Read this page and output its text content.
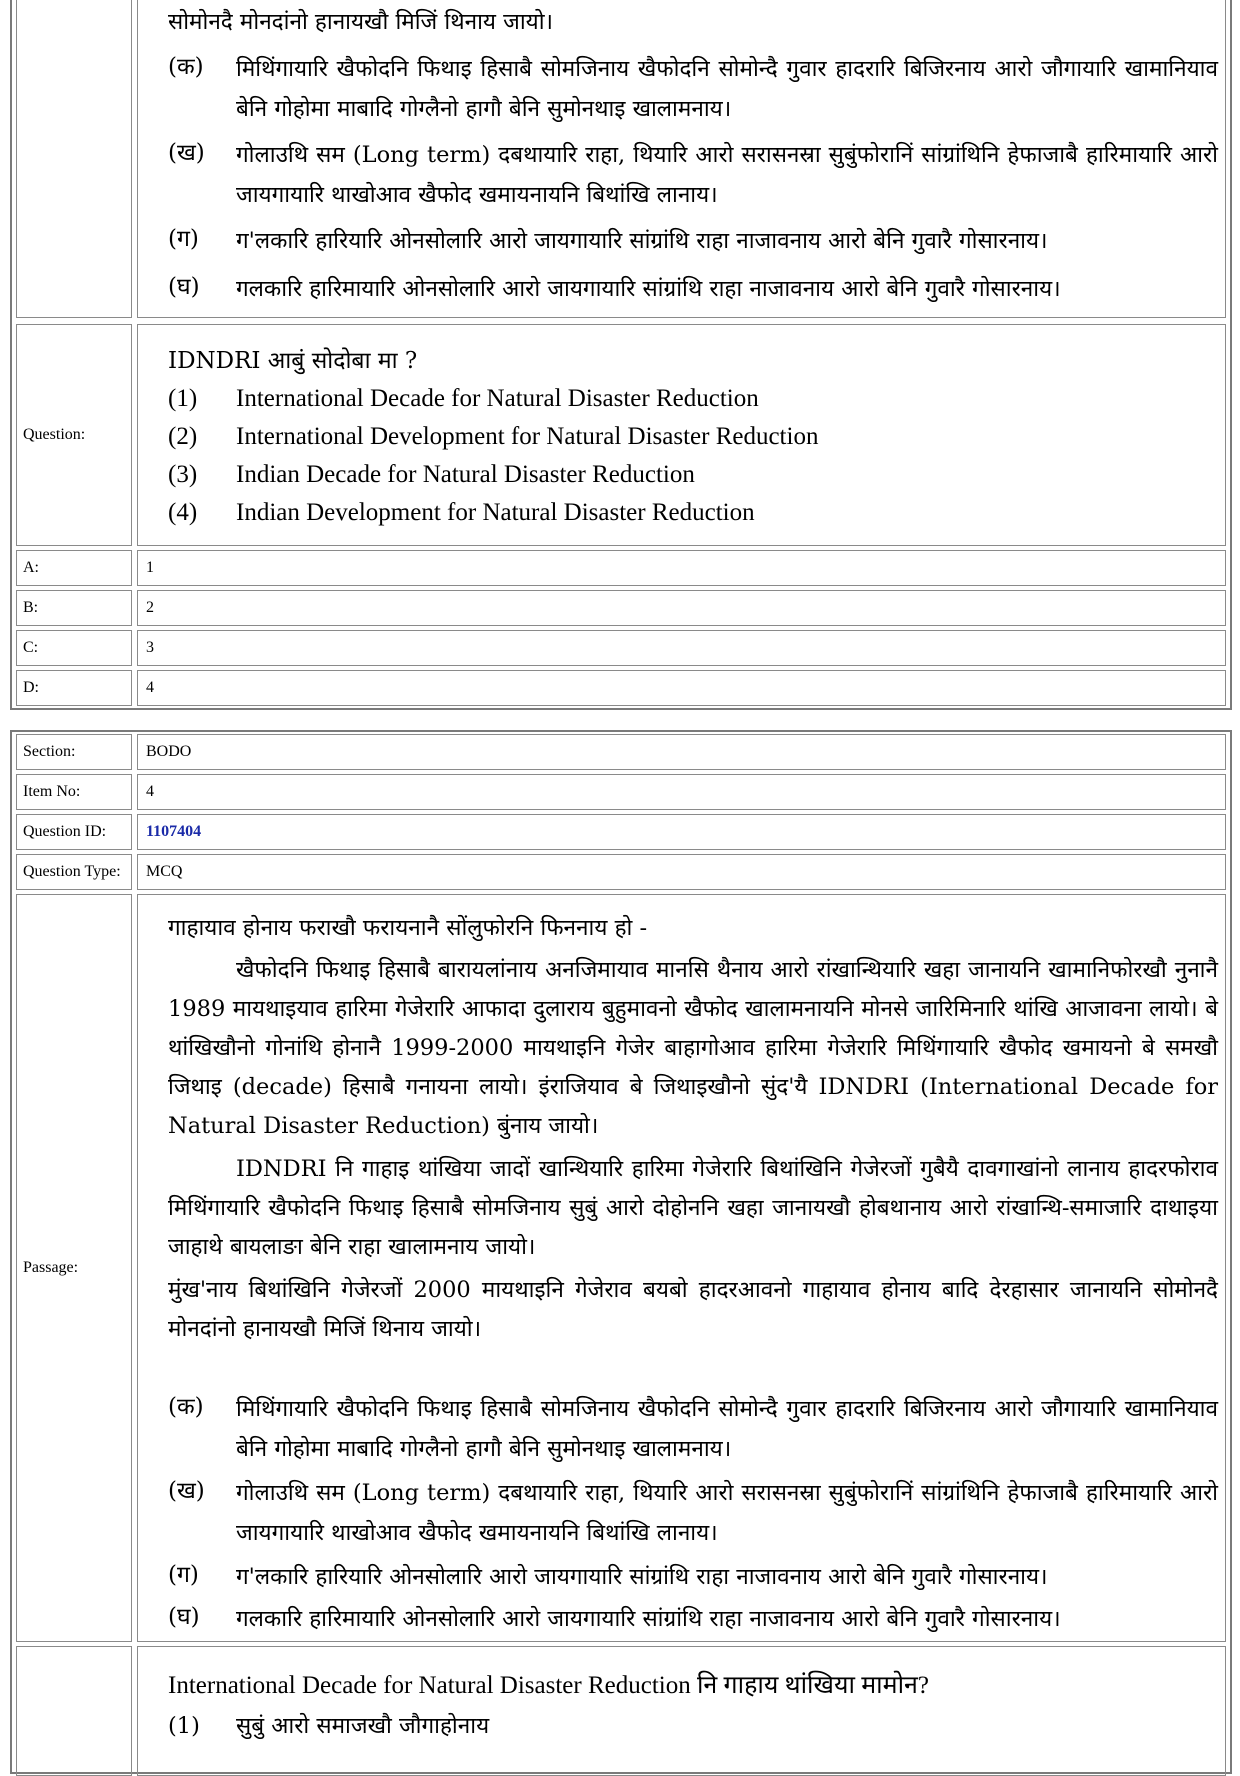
सोमोनदै मोनदांनो हानायखौ मिजिं थिनाय जायो।
(क) मिथिंगायारि खैफोदनि फिथाइ हिसाबै सोमजिनाय खैफोदनि सोमोन्दै गुवार हादरारि बिजिरनाय आरो जौगायारि खामानियाव बेनि गोहोमा माबादि गोग्लैनो हागौ बेनि सुमोनथाइ खालामनाय।
(ख) गोलाउथि सम (Long term) दबथायारि राहा, थियारि आरो सरासनस्रा सुबुंफोरानिं सांग्रांथिनि हेफाजाबै हारिमायारि आरो जायगायारि थाखोआव खैफोद खमायनायनि बिथांखि लानाय।
(ग) ग'लकारि हारियारि ओनसोलारि आरो जायगायारि सांग्रांथि राहा नाजावनाय आरो बेनि गुवारै गोसारनाय।
(घ) गलकारि हारिमायारि ओनसोलारि आरो जायगायारि सांग्रांथि राहा नाजावनाय आरो बेनि गुवारै गोसारनाय।
Question:
IDNDRI आबुं सोदोबा मा ?
(1) International Decade for Natural Disaster Reduction
(2) International Development for Natural Disaster Reduction
(3) Indian Decade for Natural Disaster Reduction
(4) Indian Development for Natural Disaster Reduction
A:	1
B:	2
C:	3
D:	4
Section:	BODO
Item No:	4
Question ID:	1107404
Question Type:	MCQ
Passage:
गाहायाव होनाय फराखौ फरायनानै सोंलुफोरनि फिननाय हो -

खैफोदनि फिथाइ हिसाबै बारायलांनाय अनजिमायाव मानसि थैनाय आरो रांखान्थियारि खहा जानायनि खामानिफोरखौ नुनानै 1989 मायथाइयाव हारिमा गेजेरारि आफादा दुलाराय बुहुमावनो खैफोद खालामनायनि मोनसे जारिमिनारि थांखि आजावना लायो। बे थांखिखौनो गोनांथि होनानै 1999-2000 मायथाइनि गेजेर बाहागोआव हारिमा गेजेरारि मिथिंगायारि खैफोद खमायनो बे समखौ जिथाइ (decade) हिसाबै गनायना लायो। इंराजियाव बे जिथाइखौनो सुंद'यै IDNDRI (International Decade for Natural Disaster Reduction) बुंनाय जायो।

IDNDRI नि गाहाइ थांखिया जादों खान्थियारि हारिमा गेजेरारि बिथांखिनि गेजेरजों गुबैयै दावगाखांनो लानाय हादरफोराव मिथिंगायारि खैफोदनि फिथाइ हिसाबै सोमजिनाय सुबुं आरो दोहोननि खहा जानायखौ होबथानाय आरो रांखान्थि-समाजारि दाथाइया जाहाथे बायलाङा बेनि राहा खालामनाय जायो।

मुंख'नाय बिथांखिनि गेजेरजों 2000 मायथाइनि गेजेराव बयबो हादरआवनो गाहायाव होनाय बादि देरहासार जानायनि सोमोनदै मोनदांनो हानायखौ मिजिं थिनाय जायो।

(क) मिथिंगायारि खैफोदनि फिथाइ हिसाबै सोमजिनाय खैफोदनि सोमोन्दै गुवार हादरारि बिजिरनाय आरो जौगायारि खामानियाव बेनि गोहोमा माबादि गोग्लैनो हागौ बेनि सुमोनथाइ खालामनाय।
(ख) गोलाउथि सम (Long term) दबथायारि राहा, थियारि आरो सरासनस्रा सुबुंफोरानिं सांग्रांथिनि हेफाजाबै हारिमायारि आरो जायगायारि थाखोआव खैफोद खमायनायनि बिथांखि लानाय।
(ग) ग'लकारि हारियारि ओनसोलारि आरो जायगायारि सांग्रांथि राहा नाजावनाय आरो बेनि गुवारै गोसारनाय।
(घ) गलकारि हारिमायारि ओनसोलारि आरो जायगायारि सांग्रांथि राहा नाजावनाय आरो बेनि गुवारै गोसारनाय।
International Decade for Natural Disaster Reduction नि गाहाय थांखिया मामोन?
(1) सुबुं आरो समाजखौ जौगाहोनाय
